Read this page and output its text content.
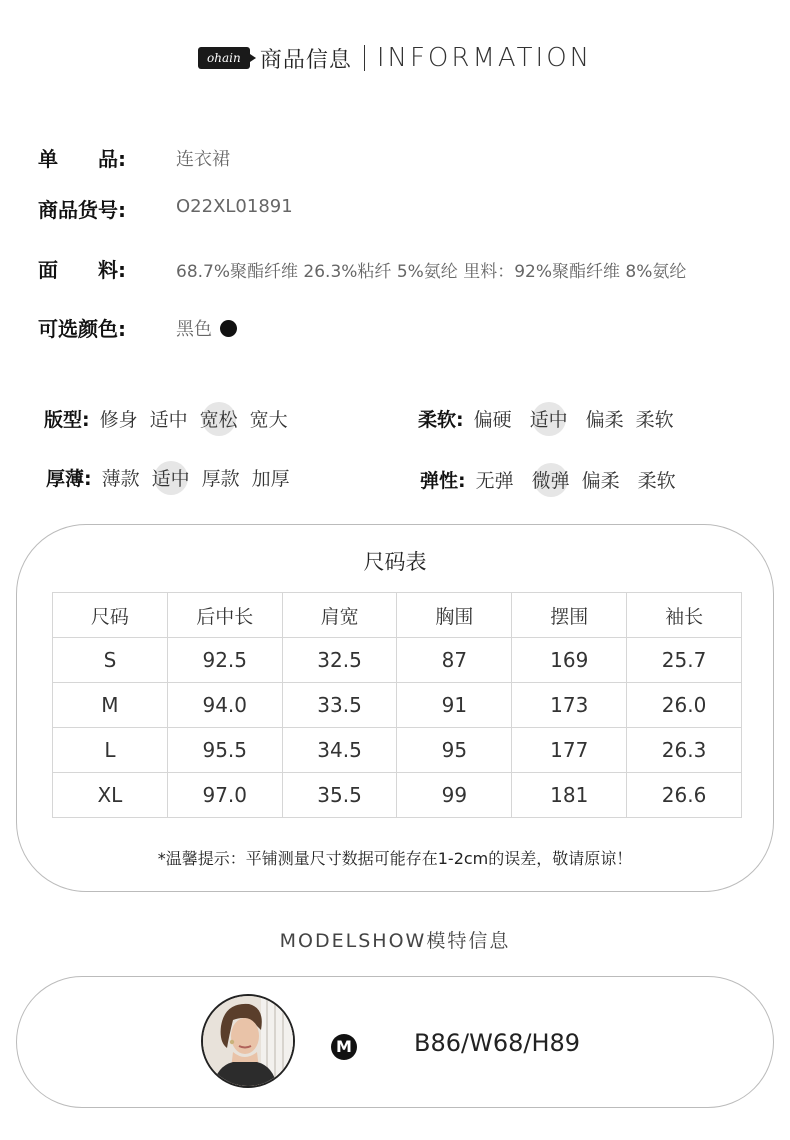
ohain 商品信息 INFORMATION
单　　品:	连衣裙
商品货号:	O22XL01891
面　　料:	68.7%聚酯纤维 26.3%粘纤 5%氨纶 里料：92%聚酯纤维 8%氨纶
可选颜色:	黑色
版型: 修身 适中 宽松 宽大	柔软: 偏硬 适中 偏柔 柔软
厚薄: 薄款 适中 厚款 加厚	弹性: 无弹 微弹 偏柔 柔软
尺码表
尺码	后中长	肩宽	胸围	摆围	袖长
S	92.5	32.5	87	169	25.7
M	94.0	33.5	91	173	26.0
L	95.5	34.5	95	177	26.3
XL	97.0	35.5	99	181	26.6
*温馨提示：平铺测量尺寸数据可能存在1-2cm的误差，敬请原谅！
MODELSHOW模特信息
M	B86/W68/H89
